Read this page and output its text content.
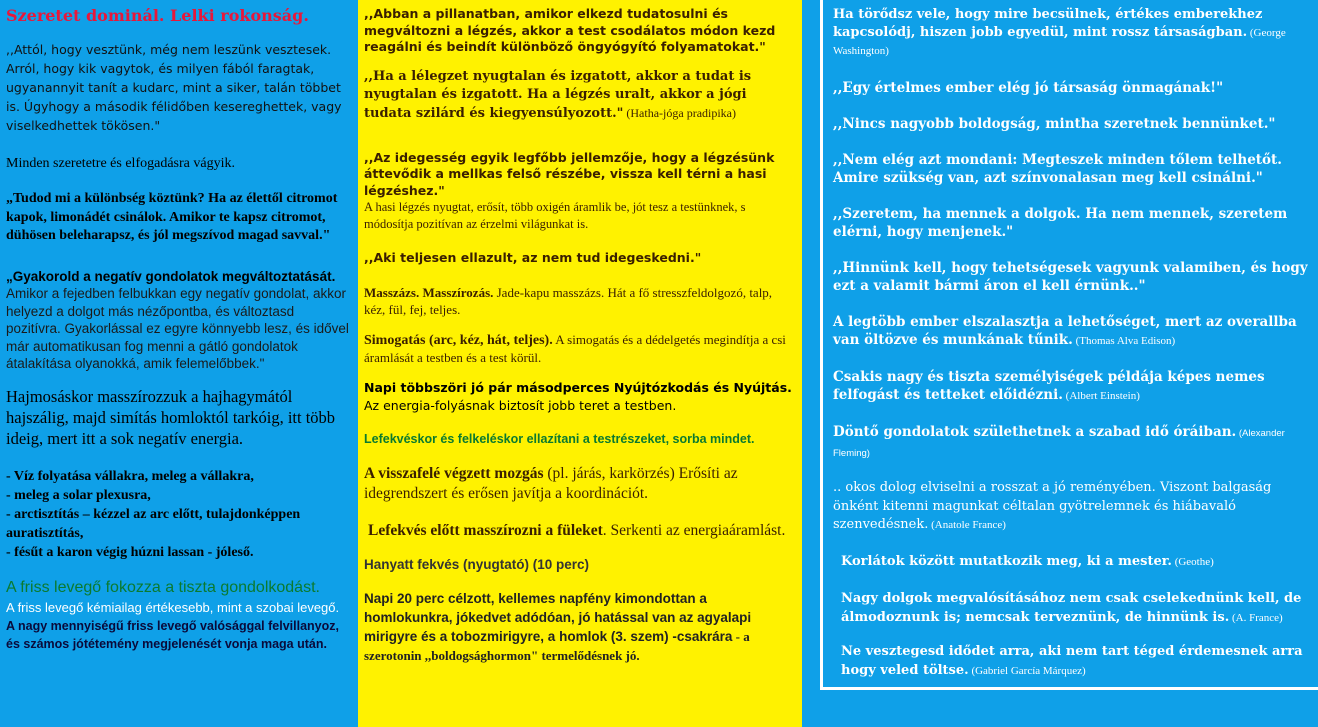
Szeretet dominál. Lelki rokonság.

,,Attól, hogy vesztünk, még nem leszünk vesztesek. Arról, hogy kik vagytok, és milyen fából faragtak, ugyanannyit tanít a kudarc, mint a siker, talán többet is. Úgyhogy a második félidőben kesereghettek, vagy viselkedhettek tökösen."

Minden szeretetre és elfogadásra vágyik.

„Tudod mi a különbség köztünk? Ha az élettől citromot kapok, limonádét csinálok. Amikor te kapsz citromot, dühösen beleharapsz, és jól megszívod magad savval."

„Gyakorold a negatív gondolatok megváltoztatását. Amikor a fejedben felbukkan egy negatív gondolat, akkor helyezd a dolgot más nézőpontba, és változtasd pozitívra. Gyakorlással ez egyre könnyebb lesz, és idővel már automatikusan fog menni a gátló gondolatok átalakítása olyanokká, amik felemelőbbek."

Hajmosáskor masszírozzuk a hajhagymától hajszálig, majd simítás homloktól tarkóig, itt több ideig, mert itt a sok negatív energia.

- Víz folyatása vállakra, meleg a vállakra,

- meleg a solar plexusra,

- arctisztítás – kézzel az arc előtt, tulajdonképpen auratisztítás,

- fésűt a karon végig húzni lassan - jóleső.

A friss levegő fokozza a tiszta gondolkodást.

A friss levegő kémiailag értékesebb, mint a szobai levegő.

A nagy mennyiségű friss levegő valósággal felvillanyoz, és számos jótétemény megjelenését vonja maga után.

,,Abban a pillanatban, amikor elkezd tudatosulni és megváltozni a légzés, akkor a test csodálatos módon kezd reagálni és beindít különböző öngyógyító folyamatokat."

,,Ha a lélegzet nyugtalan és izgatott, akkor a tudat is nyugtalan és izgatott. Ha a légzés uralt, akkor a jógi tudata szilárd és kiegyensúlyozott." (Hatha-jóga pradipika)

,,Az idegesség egyik legfőbb jellemzője, hogy a légzésünk áttevődik a mellkas felső részébe, vissza kell térni a hasi légzéshez."

A hasi légzés nyugtat, erősít, több oxigén áramlik be, jót tesz a testünknek, s módosítja pozitívan az érzelmi világunkat is.

,,Aki teljesen ellazult, az nem tud idegeskedni."

Masszázs. Masszírozás. Jade-kapu masszázs. Hát a fő stresszfeldolgozó, talp, kéz, fül, fej, teljes.

Simogatás (arc, kéz, hát, teljes). A simogatás és a dédelgetés megindítja a csi áramlását a testben és a test körül.

Napi többszöri jó pár másodperces Nyújtózkodás és Nyújtás. Az energia-folyásnak biztosít jobb teret a testben.

Lefekvéskor és felkeléskor ellazítani a testrészeket, sorba mindet.

A visszafelé végzett mozgás (pl. járás, karkörzés) Erősíti az idegrendszert és erősen javítja a koordinációt.

Lefekvés előtt masszírozni a füleket. Serkenti az energiaáramlást.

Hanyatt fekvés (nyugtató) (10 perc)

Napi 20 perc célzott, kellemes napfény kimondottan a homlokunkra, jókedvet adódóan, jó hatással van az agyalapi mirigyre és a tobozmirigyre, a homlok (3. szem) -csakrára - a szerotonin ,,boldogsághormon" termelődésnek jó.

Ha törődsz vele, hogy mire becsülnek, értékes emberekhez kapcsolódj, hiszen jobb egyedül, mint rossz társaságban. (George Washington)

,,Egy értelmes ember elég jó társaság önmagának!"

,,Nincs nagyobb boldogság, mintha szeretnek bennünket."

,,Nem elég azt mondani: Megteszek minden tőlem telhetőt. Amire szükség van, azt színvonalasan meg kell csinálni."

,,Szeretem, ha mennek a dolgok. Ha nem mennek, szeretem elérni, hogy menjenek."

,,Hinnünk kell, hogy tehetségesek vagyunk valamiben, és hogy ezt a valamit bármi áron el kell érnünk.."

A legtöbb ember elszalasztja a lehetőséget, mert az overallba van öltözve és munkának tűnik. (Thomas Alva Edison)

Csakis nagy és tiszta személyiségek példája képes nemes felfogást és tetteket előidézni. (Albert Einstein)

Döntő gondolatok születhetnek a szabad idő óráiban. (Alexander Fleming)

.. okos dolog elviselni a rosszat a jó reményében. Viszont balgaság önként kitenni magunkat céltalan gyötrelemnek és hiábavaló szenvedésnek. (Anatole France)

Korlátok között mutatkozik meg, ki a mester. (Geothe)

Nagy dolgok megvalósításához nem csak cselekednünk kell, de álmodoznunk is; nemcsak terveznünk, de hinnünk is. (A. France)

Ne vesztegesd idődet arra, aki nem tart téged érdemesnek arra hogy veled töltse. (Gabriel García Márquez)
